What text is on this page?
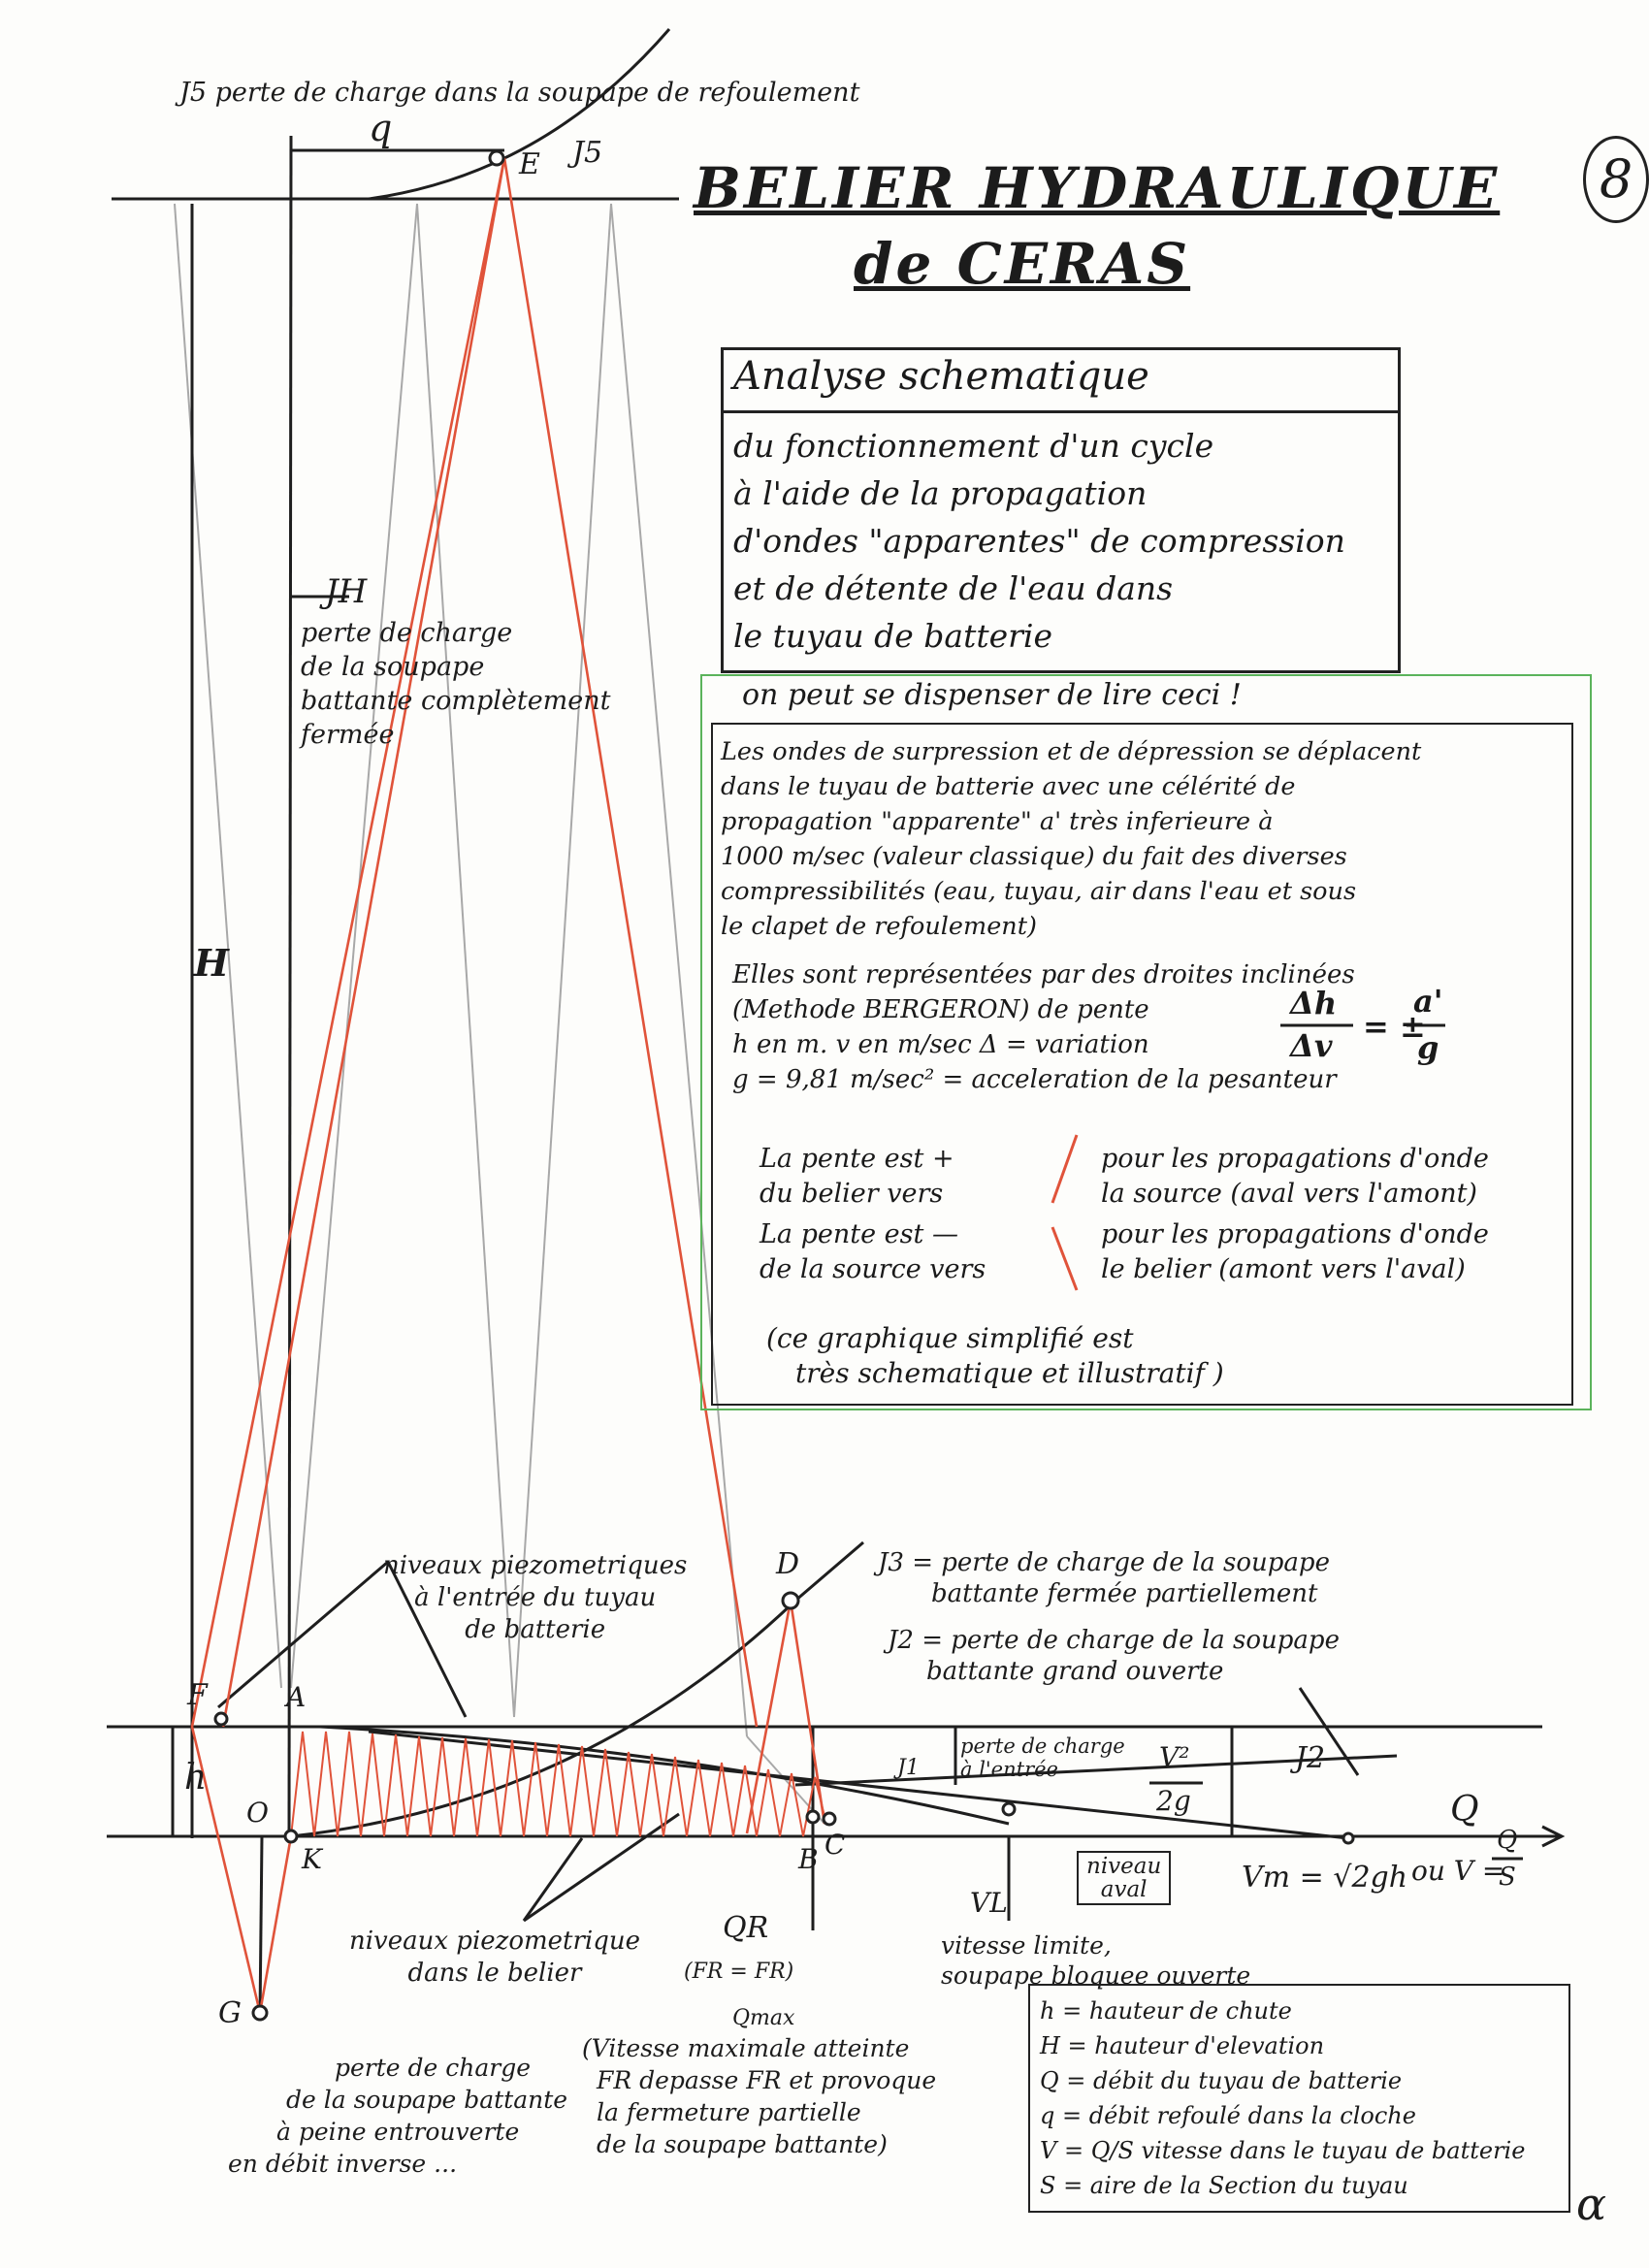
8
α
BELIER HYDRAULIQUE
de CERAS
Analyse schematique
du fonctionnement d'un cycle
à l'aide de la propagation
d'ondes "apparentes" de compression
et de détente de l'eau dans
le tuyau de batterie
on peut se dispenser de lire ceci !
Les ondes de surpression et de dépression se déplacent
dans le tuyau de batterie avec une célérité de
propagation "apparente" a' très inferieure à
1000 m/sec (valeur classique) du fait des diverses
compressibilités (eau, tuyau, air dans l'eau et sous
le clapet de refoulement)
Elles sont représentées par des droites inclinées
(Methode BERGERON) de pente
h en m. v en m/sec Δ = variation
g = 9,81 m/sec² = acceleration de la pesanteur
Δh
Δv
= ±
a'
g
La pente est +
du belier vers
pour les propagations d'onde
la source (aval vers l'amont)
La pente est —
de la source vers
pour les propagations d'onde
le belier (amont vers l'aval)
(ce graphique simplifié est
très schematique et illustratif )
J5 perte de charge dans la soupape de refoulement
q
E J5
JH
perte de charge
de la soupape
battante complètement
fermée
H
h
F	A
O
K
G
B C
D
Q
ou V =
Q
S
niveaux piezometriques
à l'entrée du tuyau
de batterie
J3 = perte de charge de la soupape
battante fermée partiellement
J2 = perte de charge de la soupape
battante grand ouverte
J2
J1
perte de charge
à l'entrée	V²
2g
niveau
aval	Vm = √2gh
niveaux piezometrique
dans le belier
QR
(FR = FR)
Qmax
VL
vitesse limite,
soupape bloquee ouverte
perte de charge
de la soupape battante
à peine entrouverte
en débit inverse ...
(Vitesse maximale atteinte
FR depasse FR et provoque
la fermeture partielle
de la soupape battante)
h = hauteur de chute
H = hauteur d'elevation
Q = débit du tuyau de batterie
q = débit refoulé dans la cloche
V = Q/S vitesse dans le tuyau de batterie
S = aire de la Section du tuyau
